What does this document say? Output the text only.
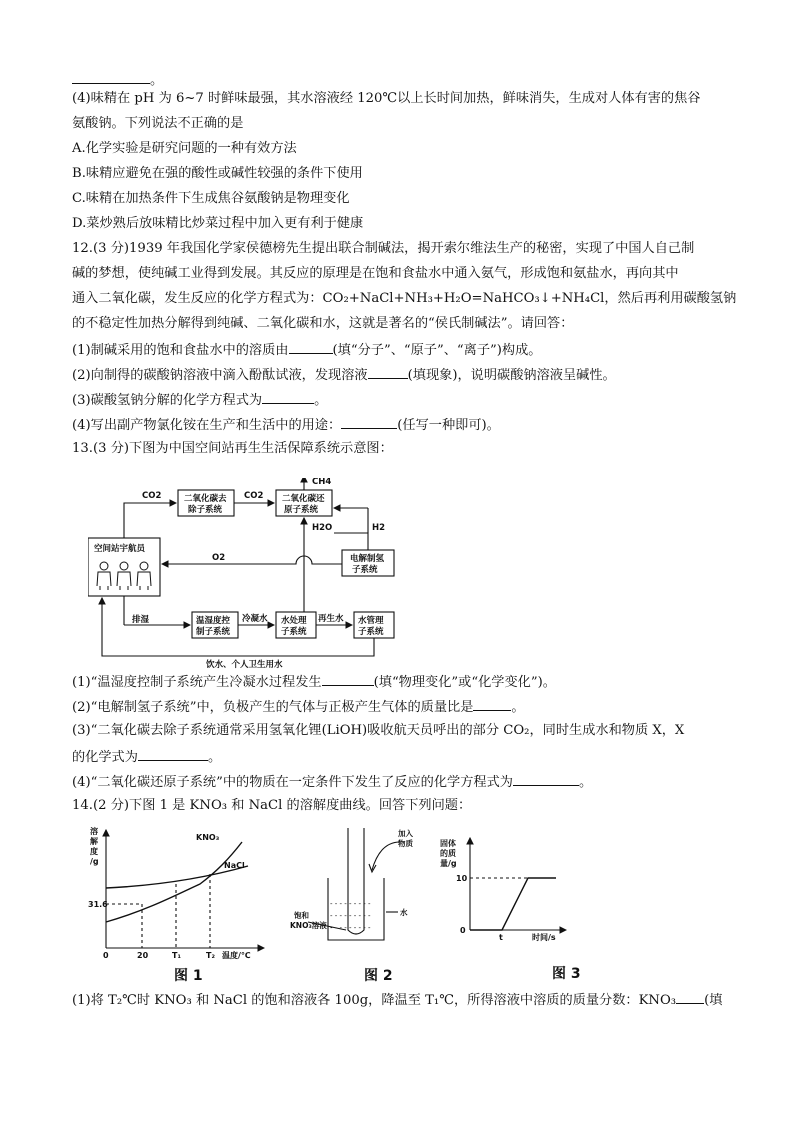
。
(4)味精在 pH 为 6~7 时鲜味最强，其水溶液经 120℃以上长时间加热，鲜味消失，生成对人体有害的焦谷
氨酸钠。下列说法不正确的是
A.化学实验是研究问题的一种有效方法
B.味精应避免在强的酸性或碱性较强的条件下使用
C.味精在加热条件下生成焦谷氨酸钠是物理变化
D.菜炒熟后放味精比炒菜过程中加入更有利于健康
12.(3 分)1939 年我国化学家侯德榜先生提出联合制碱法，揭开索尔维法生产的秘密，实现了中国人自己制
碱的梦想，使纯碱工业得到发展。其反应的原理是在饱和食盐水中通入氨气，形成饱和氨盐水，再向其中
通入二氧化碳，发生反应的化学方程式为：CO₂+NaCl+NH₃+H₂O=NaHCO₃↓+NH₄Cl，然后再利用碳酸氢钠
的不稳定性加热分解得到纯碱、二氧化碳和水，这就是著名的“侯氏制碱法”。请回答：
(1)制碱采用的饱和食盐水中的溶质由	(填“分子”、“原子”、“离子”)构成。
(2)向制得的碳酸钠溶液中滴入酚酞试液，发现溶液	(填现象)，说明碳酸钠溶液呈碱性。
(3)碳酸氢钠分解的化学方程式为	。
(4)写出副产物氯化铵在生产和生活中的用途：	(任写一种即可)。
13.(3 分)下图为中国空间站再生生活保障系统示意图：
(1)“温湿度控制子系统产生冷凝水过程发生	(填“物理变化”或“化学变化”)。
(2)“电解制氢子系统”中，负极产生的气体与正极产生气体的质量比是	。
(3)“二氧化碳去除子系统通常采用氢氧化锂(LiOH)吸收航天员呼出的部分 CO₂，同时生成水和物质 X，X
的化学式为	。
(4)“二氧化碳还原子系统”中的物质在一定条件下发生了反应的化学方程式为	。
14.(2 分)下图 1 是 KNO₃ 和 NaCl 的溶解度曲线。回答下列问题：
(1)将 T₂℃时 KNO₃ 和 NaCl 的饱和溶液各 100g，降温至 T₁℃，所得溶液中溶质的质量分数：KNO₃ (填
空间站宇航员
二氧化碳去
除子系统
二氧化碳还
原子系统
电解制氢
子系统
温湿度控
制子系统
水处理
子系统
水管理
子系统
CO2	CO2
CH4
H2O	H2
O2
排湿	冷凝水	再生水
饮水、个人卫生用水
溶
解
度
/g
31.6
0	20	T₁	T₂ 温度/℃
KNO₃
NaCl
图 1
- - - - - - - - -
- - - - - - - - -
- - - - - - - - -
加入
物质
水
饱和
KNO₃溶液
图 2
固体
的质
量/g
10
0
t	时间/s
图 3
